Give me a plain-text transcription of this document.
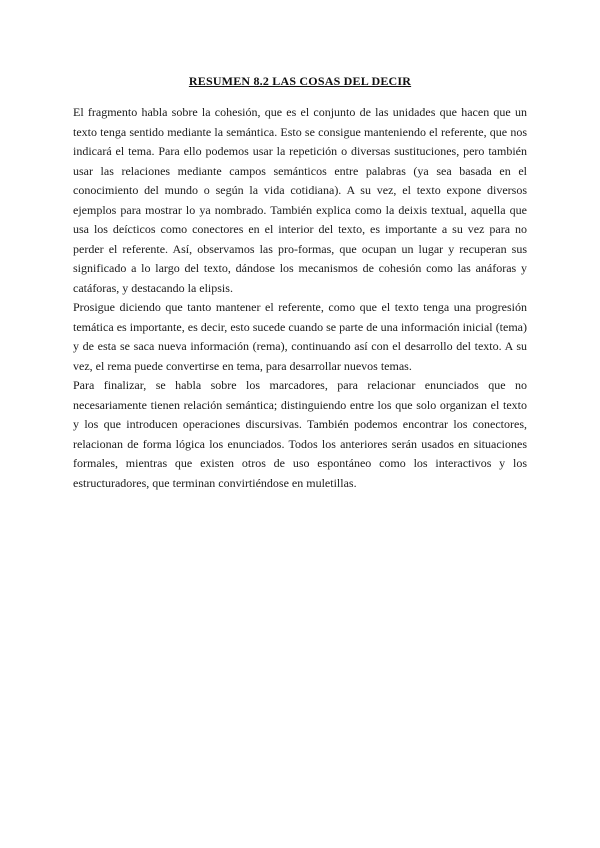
RESUMEN 8.2 LAS COSAS DEL DECIR

El fragmento habla sobre la cohesión, que es el conjunto de las unidades que hacen que un texto tenga sentido mediante la semántica. Esto se consigue manteniendo el referente, que nos indicará el tema. Para ello podemos usar la repetición o diversas sustituciones, pero también usar las relaciones mediante campos semánticos entre palabras (ya sea basada en el conocimiento del mundo o según la vida cotidiana). A su vez, el texto expone diversos ejemplos para mostrar lo ya nombrado. También explica como la deixis textual, aquella que usa los deícticos como conectores en el interior del texto, es importante a su vez para no perder el referente. Así, observamos las pro-formas, que ocupan un lugar y recuperan sus significado a lo largo del texto, dándose los mecanismos de cohesión como las anáforas y catáforas, y destacando la elipsis.

Prosigue diciendo que tanto mantener el referente, como que el texto tenga una progresión temática es importante, es decir, esto sucede cuando se parte de una información inicial (tema) y de esta se saca nueva información (rema), continuando así con el desarrollo del texto. A su vez, el rema puede convertirse en tema, para desarrollar nuevos temas.

Para finalizar, se habla sobre los marcadores, para relacionar enunciados que no necesariamente tienen relación semántica; distinguiendo entre los que solo organizan el texto y los que introducen operaciones discursivas. También podemos encontrar los conectores, relacionan de forma lógica los enunciados. Todos los anteriores serán usados en situaciones formales, mientras que existen otros de uso espontáneo como los interactivos y los estructuradores, que terminan convirtiéndose en muletillas.
